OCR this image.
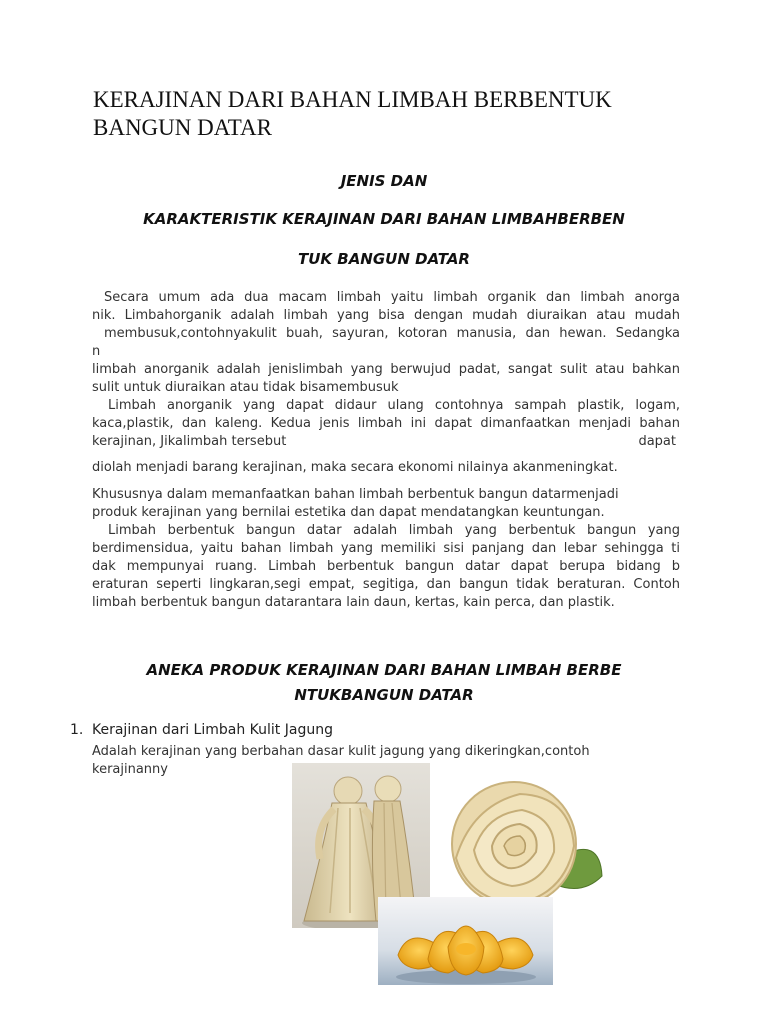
KERAJINAN DARI BAHAN LIMBAH BERBENTUK
BANGUN DATAR
JENIS DAN
KARAKTERISTIK KERAJINAN DARI BAHAN LIMBAHBERBEN
TUK BANGUN DATAR
Secara umum ada dua macam limbah yaitu limbah organik dan limbah anorga
nik. Limbahorganik adalah limbah yang bisa dengan mudah diuraikan atau mudah
membusuk,contohnyakulit buah, sayuran, kotoran manusia, dan hewan. Sedangka
n
limbah anorganik adalah jenislimbah yang berwujud padat, sangat sulit atau bahkan
sulit untuk diuraikan atau tidak bisamembusuk
Limbah anorganik yang dapat didaur ulang contohnya sampah plastik, logam,
kaca,plastik, dan kaleng. Kedua jenis limbah ini dapat dimanfaatkan menjadi bahan
kerajinan, Jikalimbah tersebut	dapat
diolah menjadi barang kerajinan, maka secara ekonomi nilainya akanmeningkat.
Khususnya dalam memanfaatkan bahan limbah berbentuk bangun datarmenjadi
produk kerajinan yang bernilai estetika dan dapat mendatangkan keuntungan.
Limbah berbentuk bangun datar adalah limbah yang berbentuk bangun yang
berdimensidua, yaitu bahan limbah yang memiliki sisi panjang dan lebar sehingga ti
dak mempunyai ruang. Limbah berbentuk bangun datar dapat berupa bidang b
eraturan seperti lingkaran,segi empat, segitiga, dan bangun tidak beraturan. Contoh
limbah berbentuk bangun datarantara lain daun, kertas, kain perca, dan plastik.
ANEKA PRODUK KERAJINAN DARI BAHAN LIMBAH BERBE
NTUKBANGUN DATAR
1. Kerajinan dari Limbah Kulit Jagung
Adalah kerajinan yang berbahan dasar kulit jagung yang dikeringkan,contoh
kerajinanny
